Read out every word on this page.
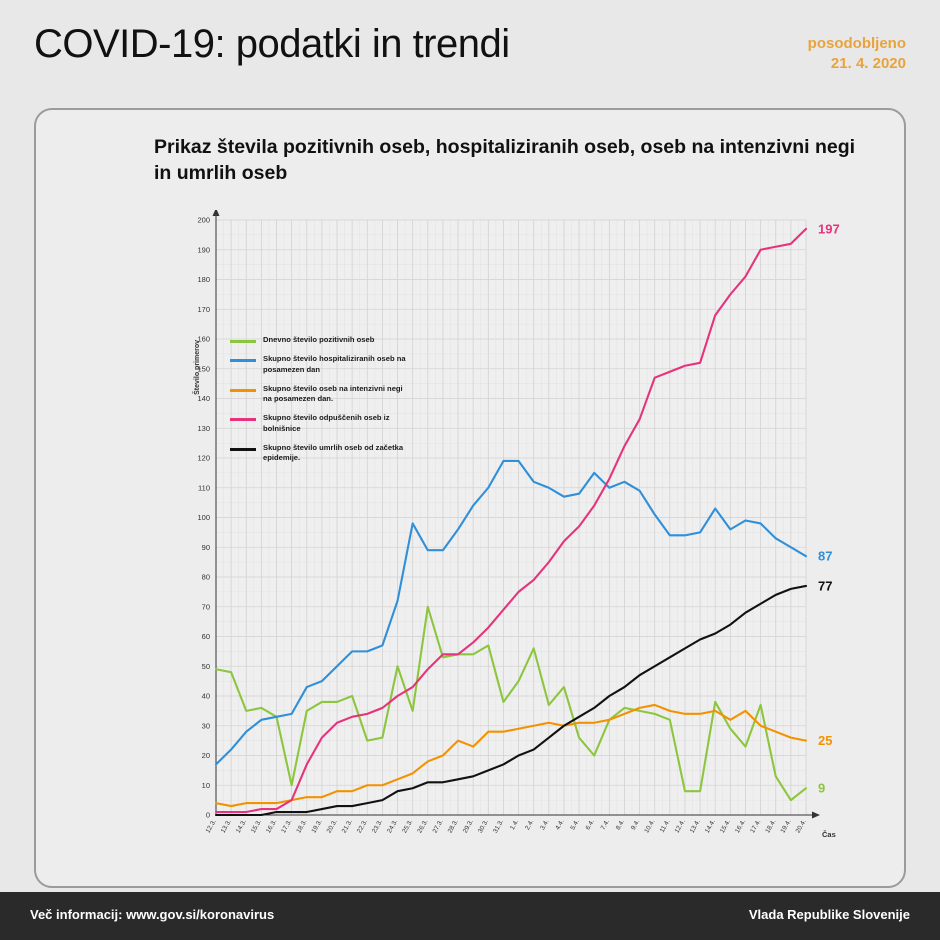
COVID-19: podatki in trendi	posodobljeno
21. 4. 2020
Prikaz števila pozitivnih oseb, hospitaliziranih oseb, oseb na intenzivni negi in umrlih oseb
Število primerov
0
10
20
30
40
50
60
70
80
90
100
110
120
130
140
150
160
170
180
190
200
12.3. 13.3. 14.3. 15.3. 16.3. 17.3. 18.3. 19.3. 20.3. 21.3. 22.3. 23.3. 24.3. 25.3. 26.3. 27.3. 28.3. 29.3. 30.3. 31.3. 1.4. 2.4. 3.4. 4.4. 5.4. 6.4. 7.4. 8.4. 9.4. 10.4. 11.4. 12.4. 13.4. 14.4. 15.4. 16.4. 17.4. 18.4. 19.4. 20.4.
Čas
9
87
25
197
77
Dnevno število pozitivnih oseb
Skupno število hospitaliziranih oseb na posamezen dan
Skupno število oseb na intenzivni negi na posamezen dan.
Skupno število odpuščenih oseb iz bolnišnice
Skupno število umrlih oseb od začetka epidemije.
Več informacij: www.gov.si/koronavirus	Vlada Republike Slovenije
